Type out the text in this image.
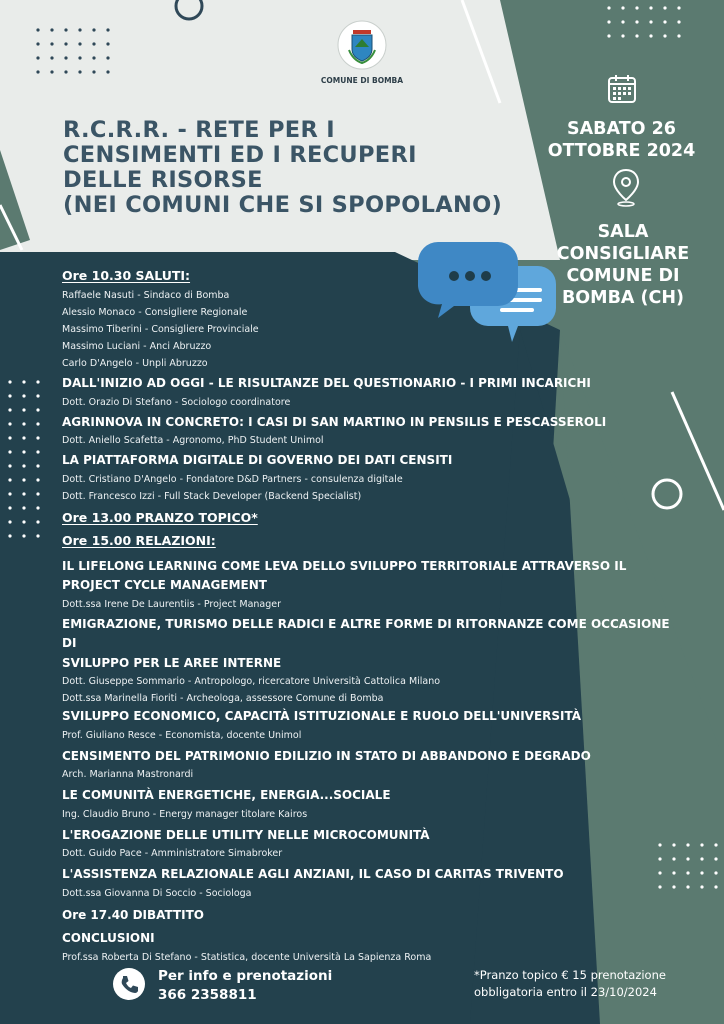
COMUNE DI BOMBA
R.C.R.R. - RETE PER I
CENSIMENTI ED I RECUPERI
DELLE RISORSE
(NEI COMUNI CHE SI SPOPOLANO)
SABATO 26
OTTOBRE 2024
SALA
CONSIGLIARE
COMUNE DI
BOMBA (CH)

Ore 10.30 SALUTI:

Raffaele Nasuti - Sindaco di Bomba

Alessio Monaco - Consigliere Regionale

Massimo Tiberini - Consigliere Provinciale

Massimo Luciani - Anci Abruzzo

Carlo D'Angelo - Unpli Abruzzo

DALL'INIZIO AD OGGI - LE RISULTANZE DEL QUESTIONARIO - I PRIMI INCARICHI

Dott. Orazio Di Stefano - Sociologo coordinatore

AGRINNOVA IN CONCRETO: I CASI DI SAN MARTINO IN PENSILIS E PESCASSEROLI

Dott. Aniello Scafetta - Agronomo, PhD Student Unimol

LA PIATTAFORMA DIGITALE DI GOVERNO DEI DATI CENSITI

Dott. Cristiano D'Angelo - Fondatore D&D Partners - consulenza digitale

Dott. Francesco Izzi - Full Stack Developer (Backend Specialist)

Ore 13.00 PRANZO TOPICO*

Ore 15.00 RELAZIONI:

IL LIFELONG LEARNING COME LEVA DELLO SVILUPPO TERRITORIALE ATTRAVERSO IL

PROJECT CYCLE MANAGEMENT

Dott.ssa Irene De Laurentiis - Project Manager

EMIGRAZIONE, TURISMO DELLE RADICI E ALTRE FORME DI RITORNANZE COME OCCASIONE DI

SVILUPPO PER LE AREE INTERNE

Dott. Giuseppe Sommario - Antropologo, ricercatore Università Cattolica Milano

Dott.ssa Marinella Fioriti - Archeologa, assessore Comune di Bomba

SVILUPPO ECONOMICO, CAPACITÀ ISTITUZIONALE E RUOLO DELL'UNIVERSITÀ

Prof. Giuliano Resce - Economista, docente Unimol

CENSIMENTO DEL PATRIMONIO EDILIZIO IN STATO DI ABBANDONO E DEGRADO

Arch. Marianna Mastronardi

LE COMUNITÀ ENERGETICHE, ENERGIA...SOCIALE

Ing. Claudio Bruno - Energy manager titolare Kairos

L'EROGAZIONE DELLE UTILITY NELLE MICROCOMUNITÀ

Dott. Guido Pace - Amministratore Simabroker

L'ASSISTENZA RELAZIONALE AGLI ANZIANI, IL CASO DI CARITAS TRIVENTO

Dott.ssa Giovanna Di Soccio - Sociologa

Ore 17.40 DIBATTITO

CONCLUSIONI

Prof.ssa Roberta Di Stefano - Statistica, docente Università La Sapienza Roma

Per info e prenotazioni
366 2358811
*Pranzo topico € 15 prenotazione
obbligatoria entro il 23/10/2024
